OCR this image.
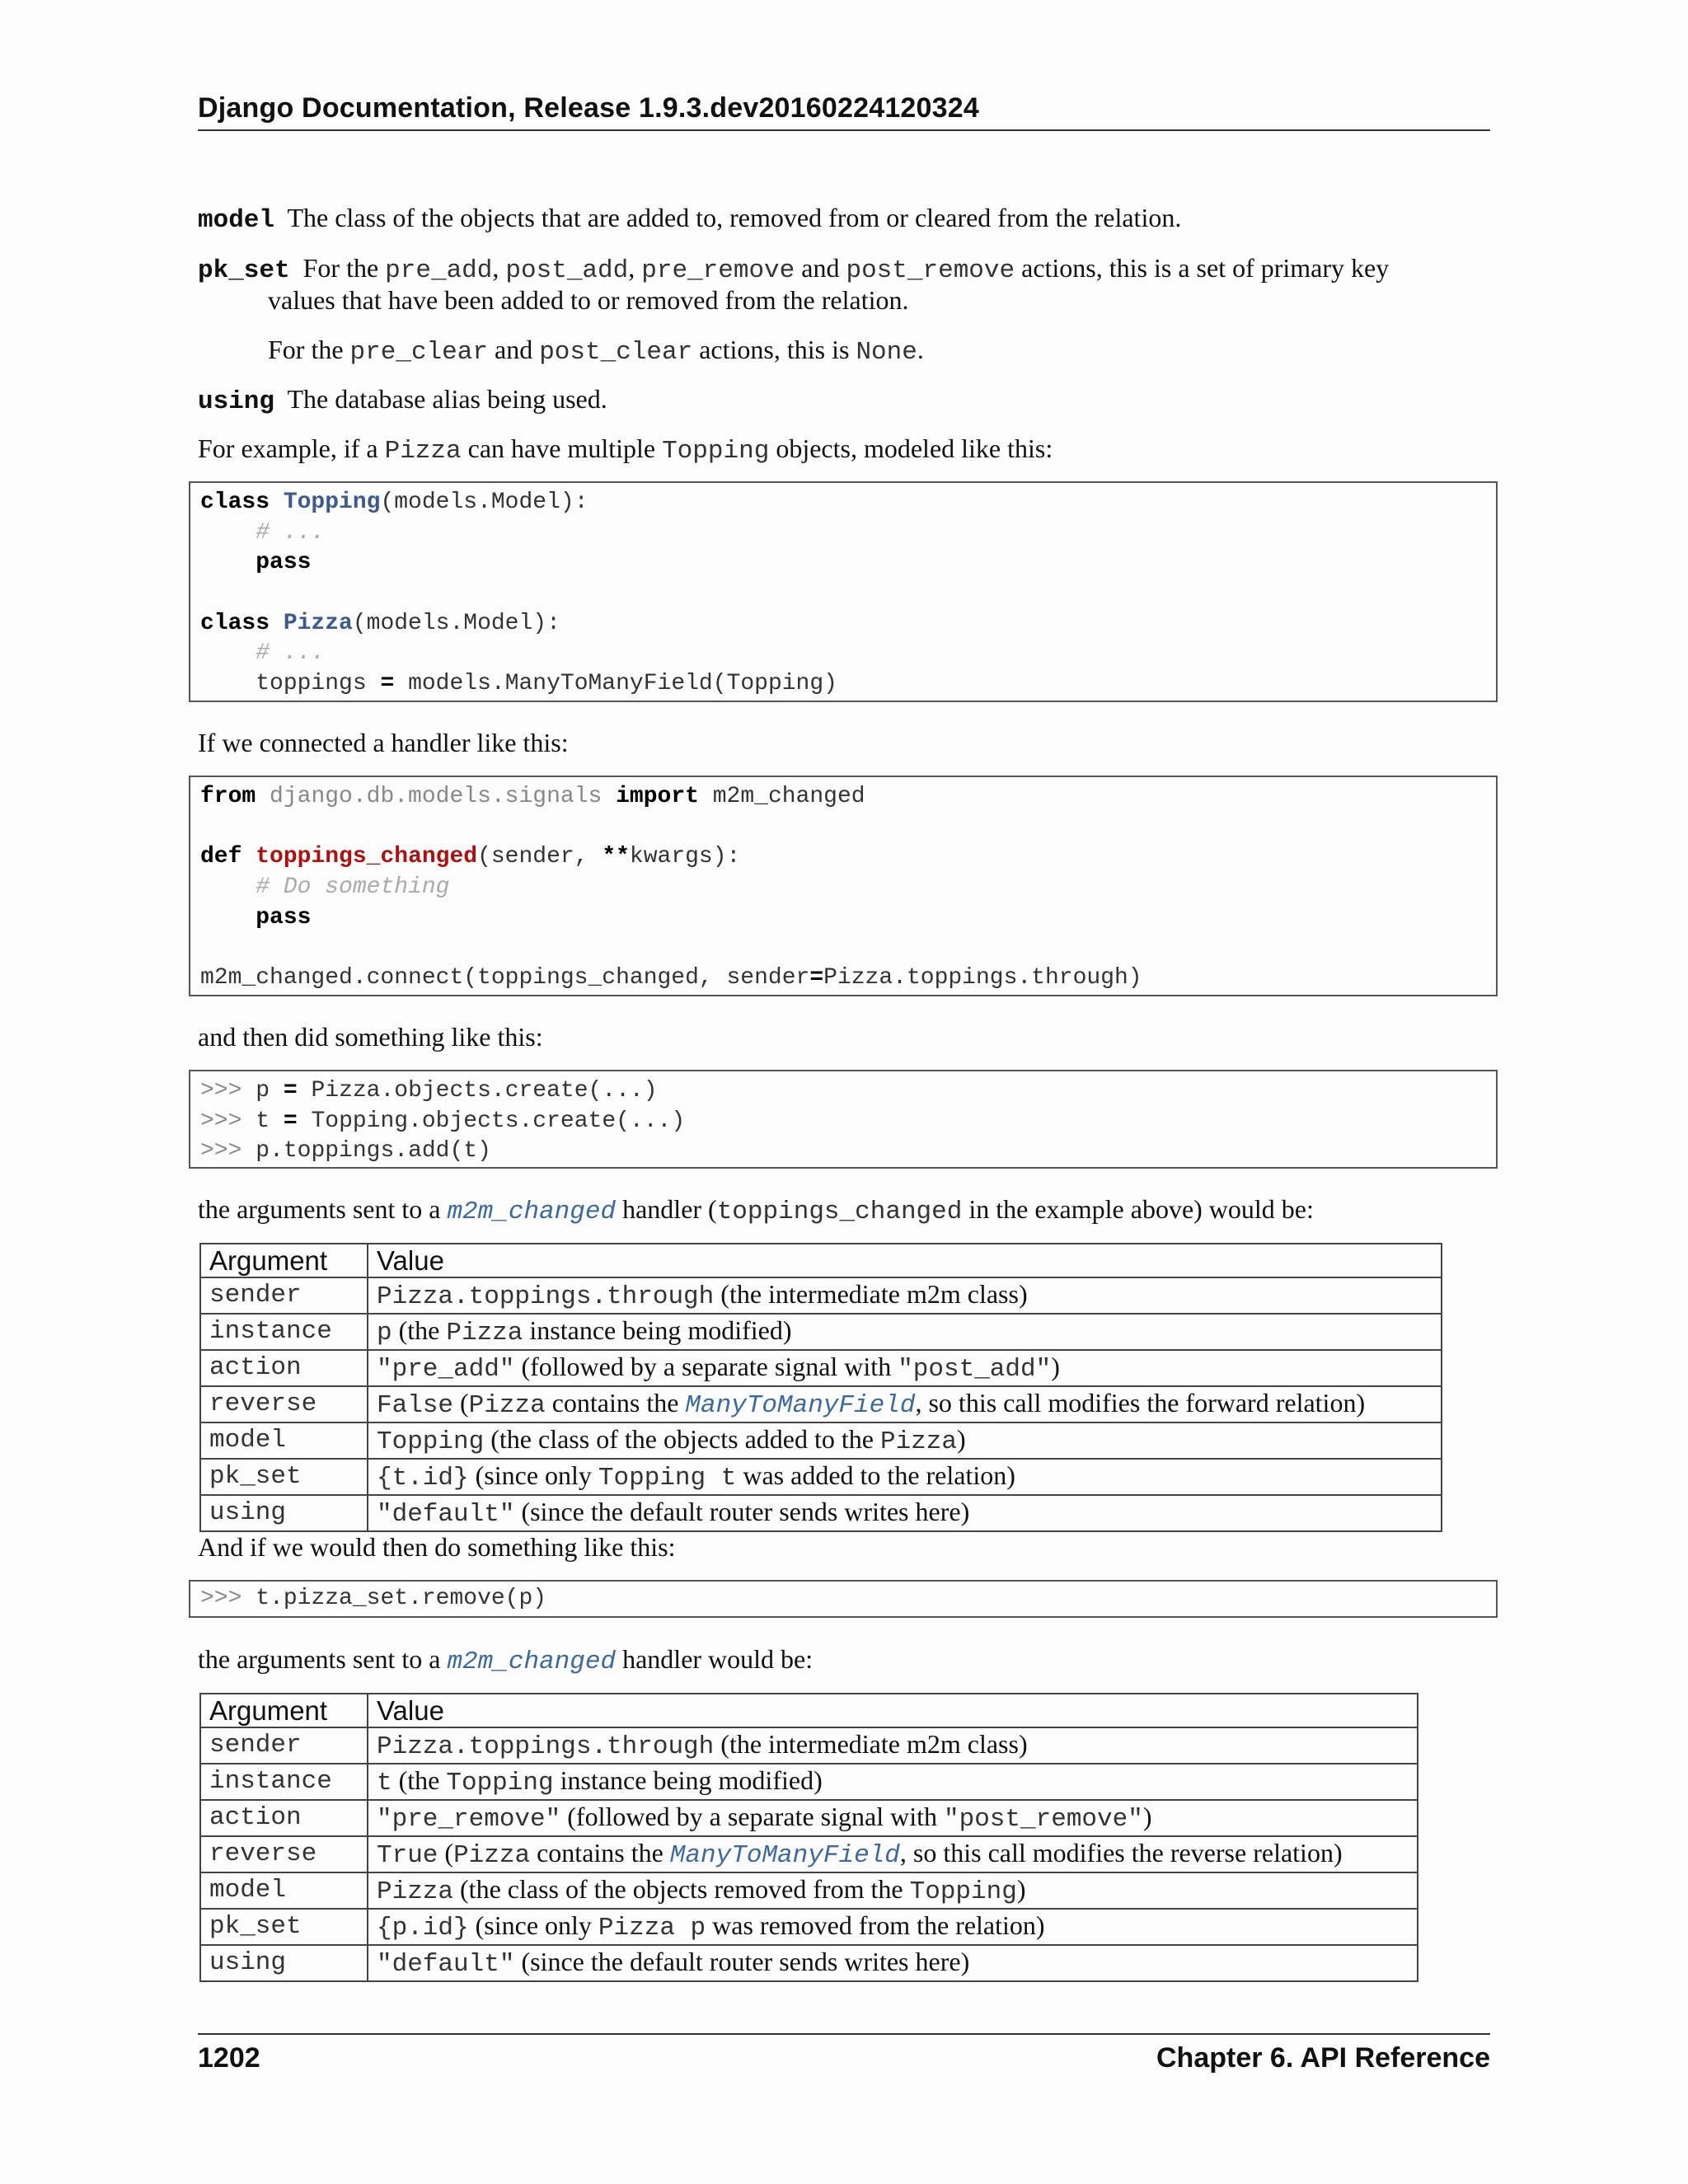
Django Documentation, Release 1.9.3.dev20160224120324
model The class of the objects that are added to, removed from or cleared from the relation.
pk_set For the pre_add, post_add, pre_remove and post_remove actions, this is a set of primary key
values that have been added to or removed from the relation.
For the pre_clear and post_clear actions, this is None.
using The database alias being used.
For example, if a Pizza can have multiple Topping objects, modeled like this:
class Topping(models.Model):
# ...
pass

class Pizza(models.Model):
# ...
toppings = models.ManyToManyField(Topping)
If we connected a handler like this:
from django.db.models.signals import m2m_changed

def toppings_changed(sender, **kwargs):
# Do something
pass

m2m_changed.connect(toppings_changed, sender=Pizza.toppings.through)
and then did something like this:
>>> p = Pizza.objects.create(...)
>>> t = Topping.objects.create(...)
>>> p.toppings.add(t)
the arguments sent to a m2m_changed handler (toppings_changed in the example above) would be:
Argument	Value
sender	Pizza.toppings.through (the intermediate m2m class)
instance	p (the Pizza instance being modified)
action	"pre_add" (followed by a separate signal with "post_add")
reverse	False (Pizza contains the ManyToManyField, so this call modifies the forward relation)
model	Topping (the class of the objects added to the Pizza)
pk_set	{t.id} (since only Topping t was added to the relation)
using	"default" (since the default router sends writes here)
And if we would then do something like this:
>>> t.pizza_set.remove(p)
the arguments sent to a m2m_changed handler would be:
Argument	Value
sender	Pizza.toppings.through (the intermediate m2m class)
instance	t (the Topping instance being modified)
action	"pre_remove" (followed by a separate signal with "post_remove")
reverse	True (Pizza contains the ManyToManyField, so this call modifies the reverse relation)
model	Pizza (the class of the objects removed from the Topping)
pk_set	{p.id} (since only Pizza p was removed from the relation)
using	"default" (since the default router sends writes here)
1202	Chapter 6. API Reference
